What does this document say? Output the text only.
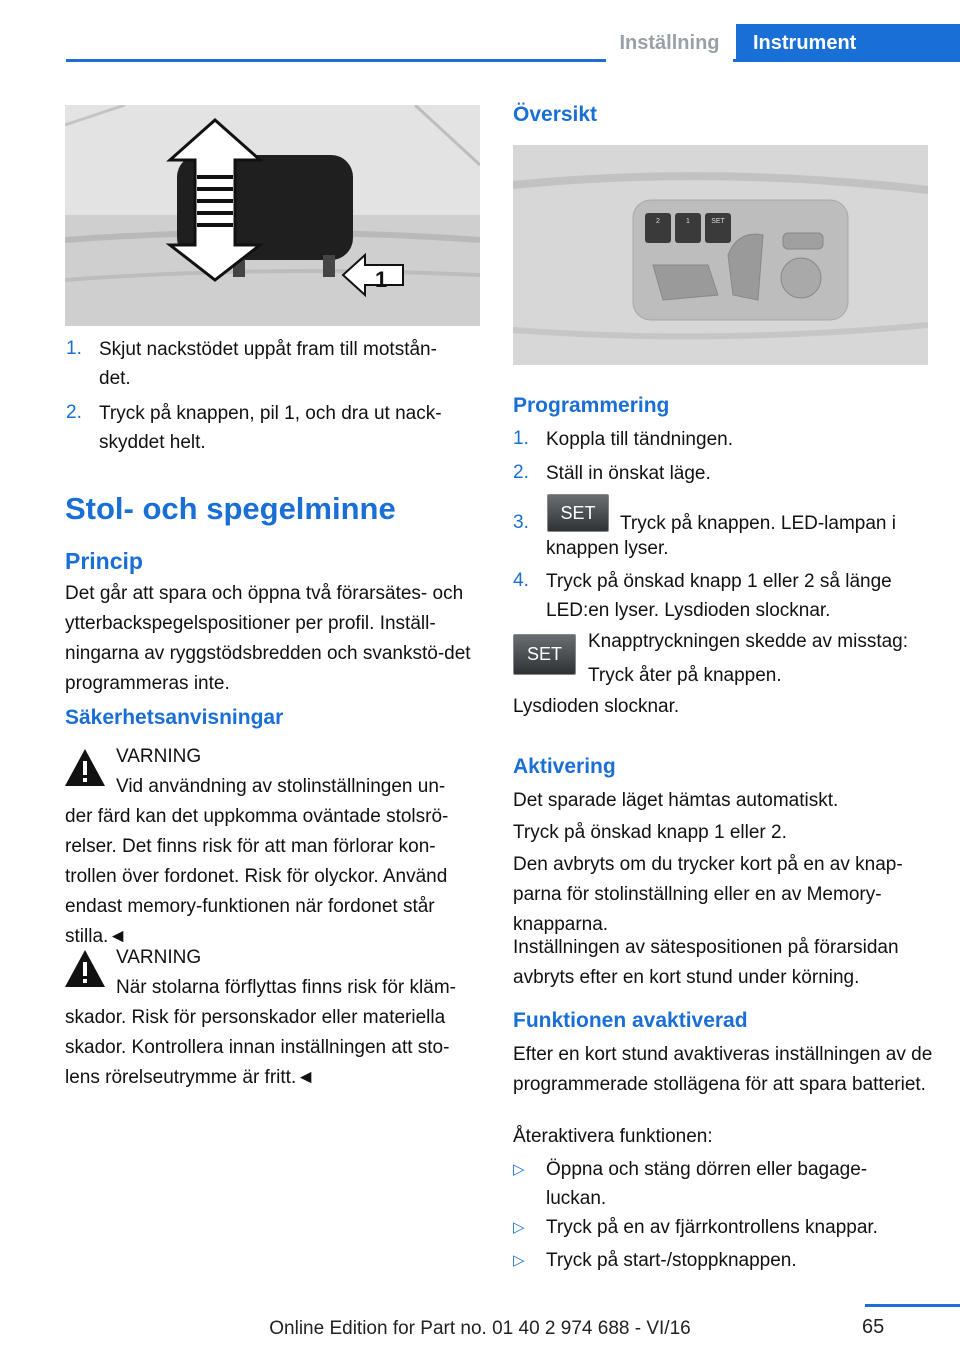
Inställning	Instrument
1
1. Skjut nackstödet uppåt fram till motstån-
det.
2. Tryck på knappen, pil 1, och dra ut nack-
skyddet helt.
Stol- och spegelminne
Princip
Det går att spara och öppna två förarsätes- och ytterbackspegelspositioner per profil. Inställ-ningarna av ryggstödsbredden och svankstö-det programmeras inte.
Säkerhetsanvisningar
VARNING
Vid användning av stolinställningen un-
der färd kan det uppkomma oväntade stolsrö-relser. Det finns risk för att man förlorar kon-trollen över fordonet. Risk för olyckor. Använd endast memory-funktionen när fordonet står stilla.◄
VARNING
När stolarna förflyttas finns risk för kläm-
skador. Risk för personskador eller materiella skador. Kontrollera innan inställningen att sto-lens rörelseutrymme är fritt.◄
Översikt
2	1	SET
Programmering
1. Koppla till tändningen.
2. Ställ in önskat läge.
3.	SET	Tryck på knappen. LED-lampan i
knappen lyser.
4. Tryck på önskad knapp 1 eller 2 så länge
LED:en lyser. Lysdioden slocknar.
SET
Knapptryckningen skedde av misstag:
Tryck åter på knappen.
Lysdioden slocknar.
Aktivering
Det sparade läget hämtas automatiskt.
Tryck på önskad knapp 1 eller 2.
Den avbryts om du trycker kort på en av knap-parna för stolinställning eller en av Memory-knapparna.
Inställningen av sätespositionen på förarsidan avbryts efter en kort stund under körning.
Funktionen avaktiverad
Efter en kort stund avaktiveras inställningen av de programmerade stollägena för att spara batteriet.
Återaktivera funktionen:
▷ Öppna och stäng dörren eller bagage-
luckan.
▷ Tryck på en av fjärrkontrollens knappar.
▷ Tryck på start-/stoppknappen.
65
Online Edition for Part no. 01 40 2 974 688 - VI/16
